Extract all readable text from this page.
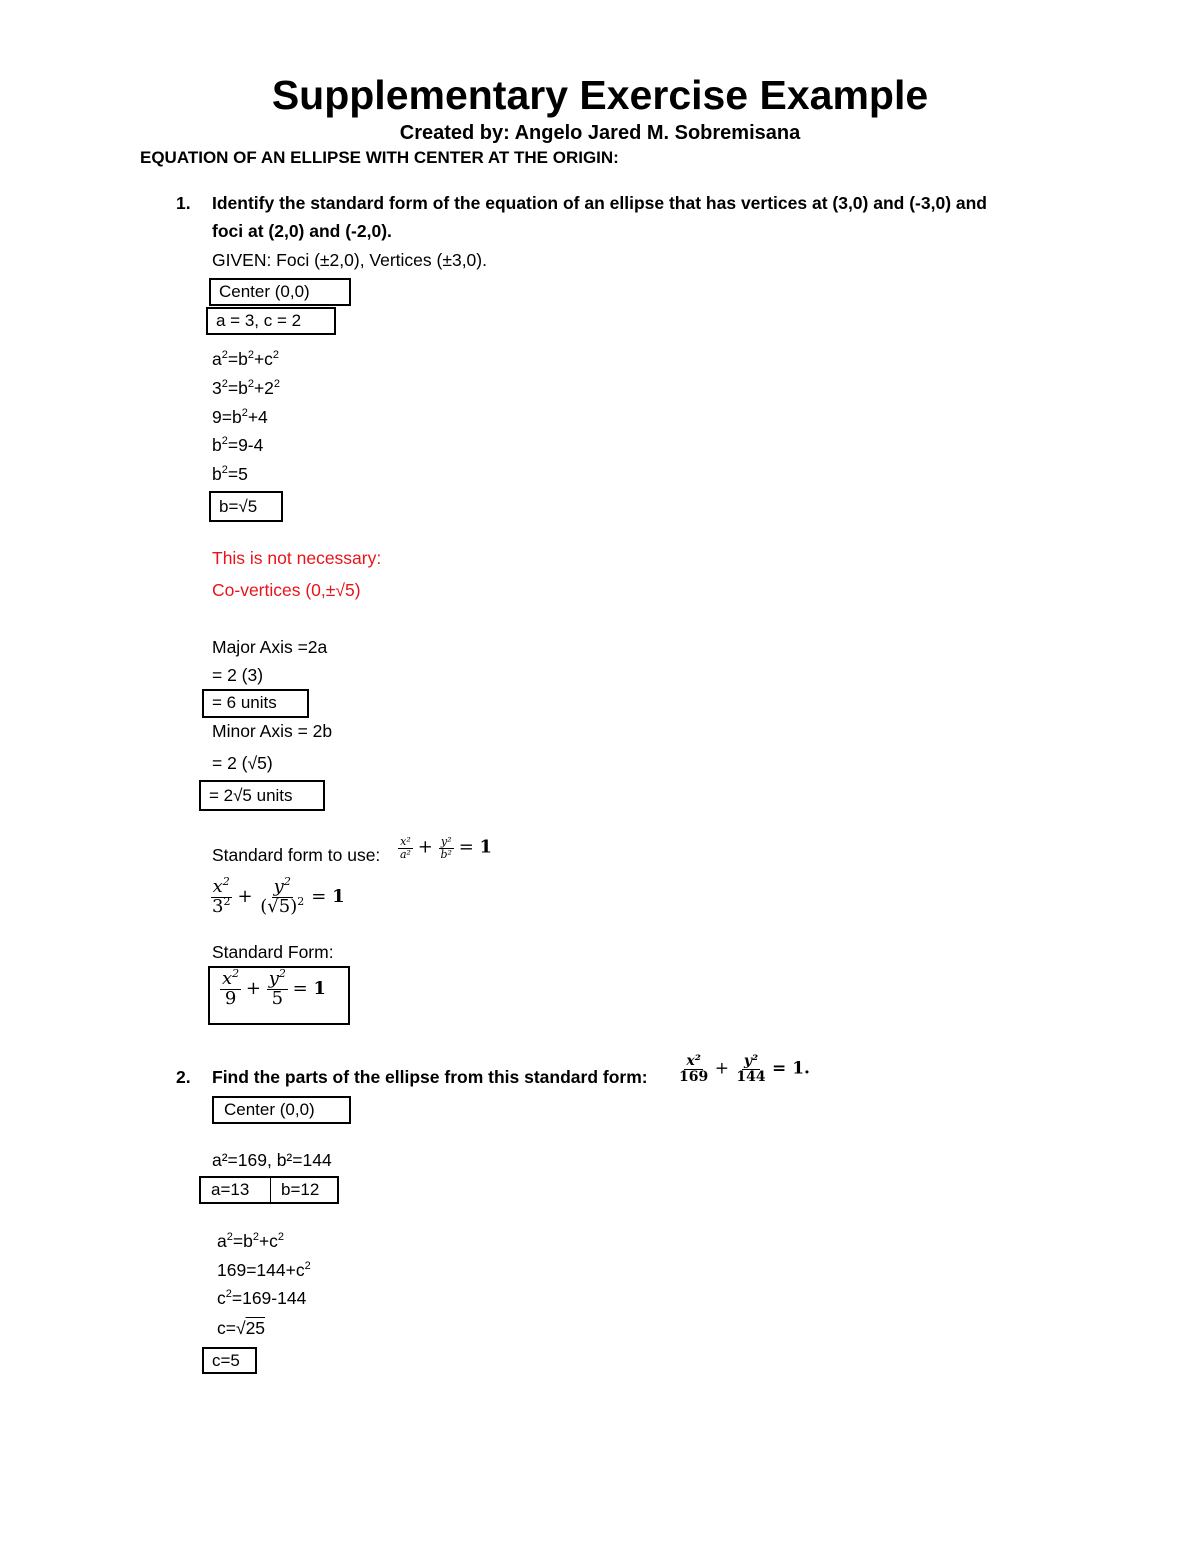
Supplementary Exercise Example
Created by: Angelo Jared M. Sobremisana
EQUATION OF AN ELLIPSE WITH CENTER AT THE ORIGIN:
1. Identify the standard form of the equation of an ellipse that has vertices at (3,0) and (-3,0) and
foci at (2,0) and (-2,0).
GIVEN: Foci (±2,0), Vertices (±3,0).
Center (0,0)
a = 3, c = 2
$a^2=b^2+c^2$
$3^2=b^2+2^2$
$9=b^2+4$
$b^2=9-4$
$b^2=5$
b=√5
This is not necessary:
Co-vertices (0,±√5)
Major Axis =2a
= 2 (3)
= 6 units
Minor Axis = 2b
= 2 (√5)
= 2√5 units
Standard form to use: $\frac{\text{x²}}{\text{a²}} + \frac{\text{y²}}{\text{b²}} = 1$
$\frac{x^2}{3^2} + \frac{y^2}{(√5)^2} = 1$
Standard Form:
$\frac{x^2}{9} + \frac{y^2}{5} = 1$
2. Find the parts of the ellipse from this standard form: $\frac{\text{x²}}{169} + \frac{\text{y²}}{144} = 1$.
Center (0,0)
a²=169, b²=144
a=13	b=12
$a^2=b^2+c^2$
$169=144+c^2$
$c^2=169-144$
c=√25
c=5
